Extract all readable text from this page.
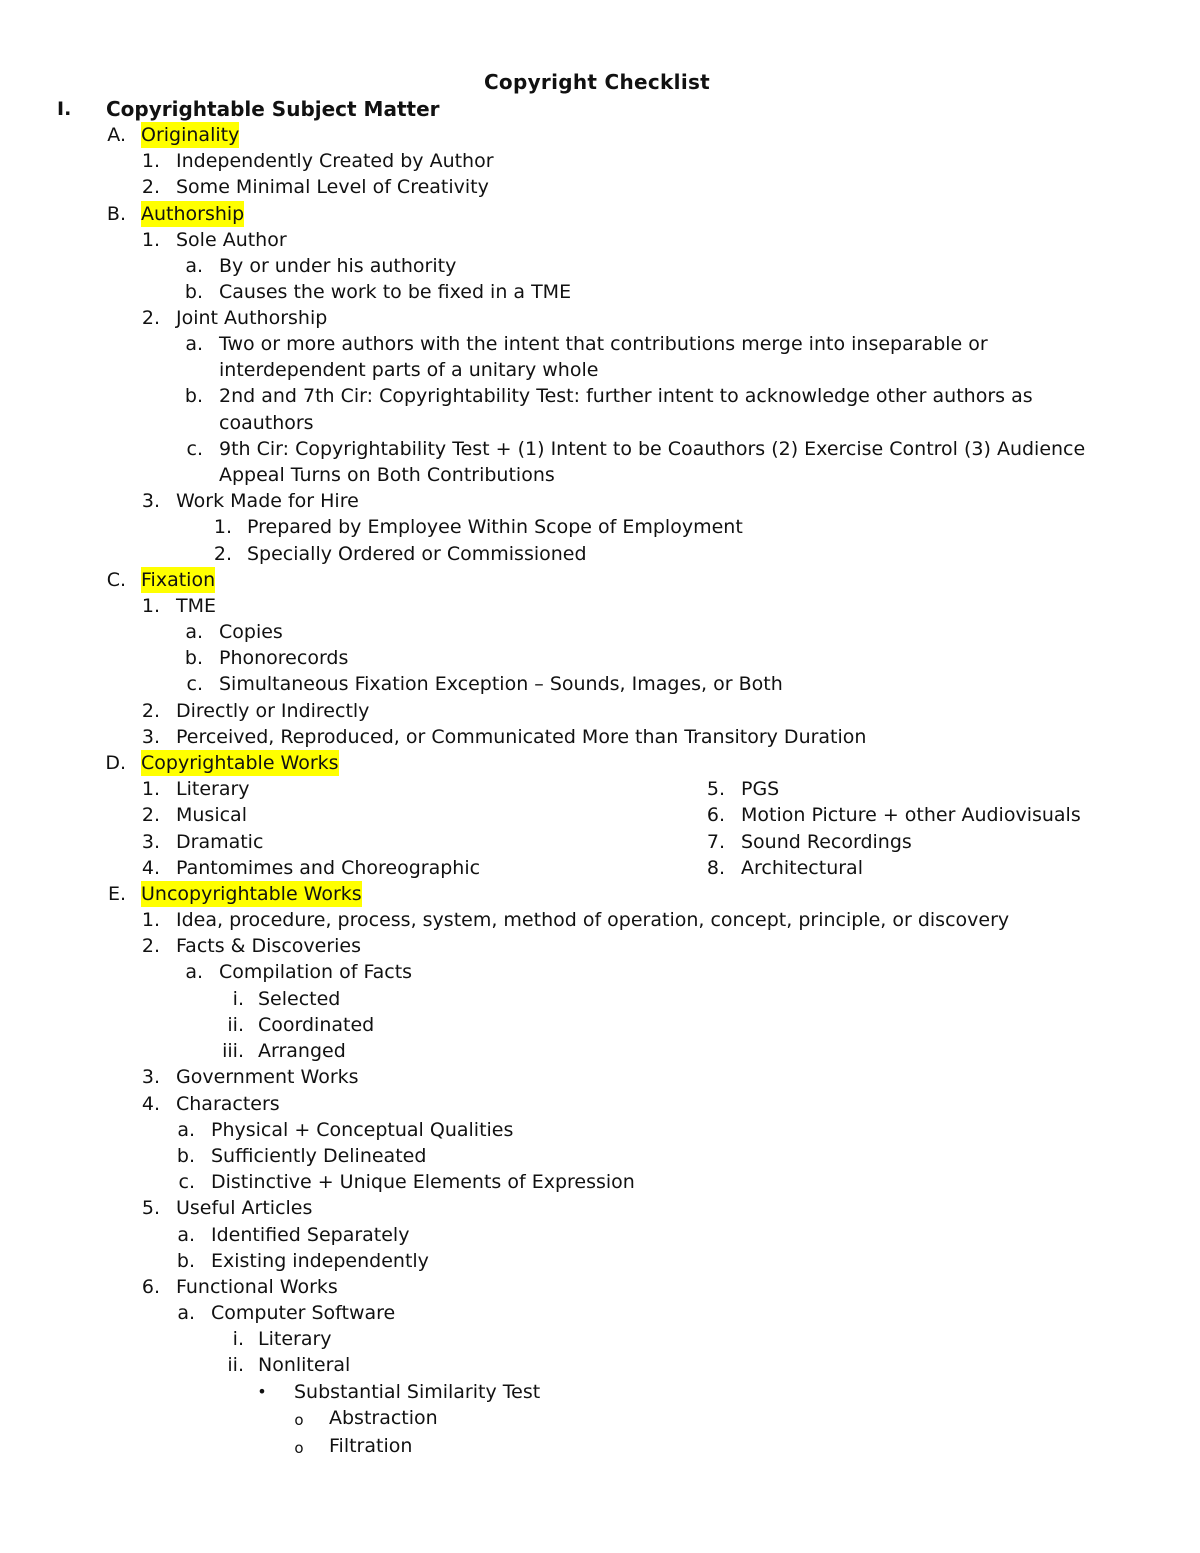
Copyright Checklist
I. Copyrightable Subject Matter
A. Originality
1. Independently Created by Author
2. Some Minimal Level of Creativity
B. Authorship
1. Sole Author
a. By or under his authority
b. Causes the work to be fixed in a TME
2. Joint Authorship
a. Two or more authors with the intent that contributions merge into inseparable or
interdependent parts of a unitary whole
b. 2nd and 7th Cir: Copyrightability Test: further intent to acknowledge other authors as
coauthors
c. 9th Cir: Copyrightability Test + (1) Intent to be Coauthors (2) Exercise Control (3) Audience
Appeal Turns on Both Contributions
3. Work Made for Hire
1. Prepared by Employee Within Scope of Employment
2. Specially Ordered or Commissioned
C. Fixation
1. TME
a. Copies
b. Phonorecords
c. Simultaneous Fixation Exception – Sounds, Images, or Both
2. Directly or Indirectly
3. Perceived, Reproduced, or Communicated More than Transitory Duration
D. Copyrightable Works
1. Literary	5. PGS
2. Musical	6. Motion Picture + other Audiovisuals
3. Dramatic	7. Sound Recordings
4. Pantomimes and Choreographic	8. Architectural
E. Uncopyrightable Works
1. Idea, procedure, process, system, method of operation, concept, principle, or discovery
2. Facts & Discoveries
a. Compilation of Facts
i. Selected
ii. Coordinated
iii. Arranged
3. Government Works
4. Characters
a. Physical + Conceptual Qualities
b. Sufficiently Delineated
c. Distinctive + Unique Elements of Expression
5. Useful Articles
a. Identified Separately
b. Existing independently
6. Functional Works
a. Computer Software
i. Literary
ii. Nonliteral
• Substantial Similarity Test
o Abstraction
o Filtration
